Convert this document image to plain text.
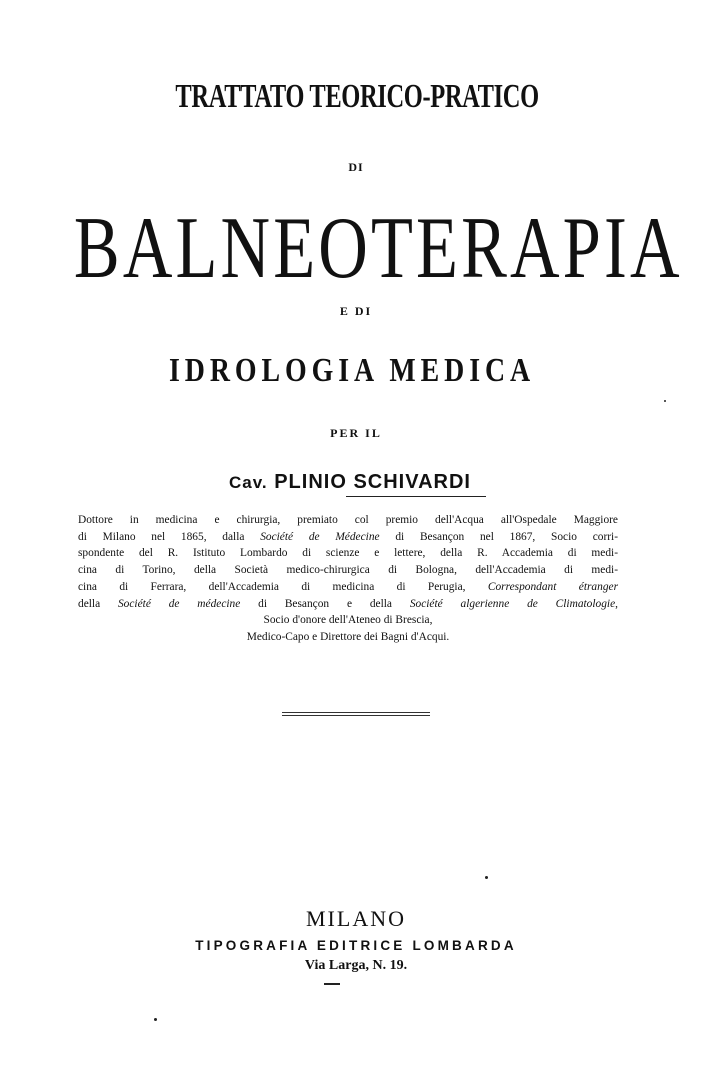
TRATTATO TEORICO-PRATICO
DI
BALNEOTERAPIA
E DI
IDROLOGIA MEDICA
PER IL
Cav. PLINIO SCHIVARDI
Dottore in medicina e chirurgia, premiato col premio dell'Acqua all'Ospedale Maggiore
di Milano nel 1865, dalla Société de Médecine di Besançon nel 1867, Socio corri-
spondente del R. Istituto Lombardo di scienze e lettere, della R. Accademia di medi-
cina di Torino, della Società medico-chirurgica di Bologna, dell'Accademia di medi-
cina di Ferrara, dell'Accademia di medicina di Perugia, Correspondant étranger
della Société de médecine di Besançon e della Société algerienne de Climatologie,
Socio d'onore dell'Ateneo di Brescia,
Medico-Capo e Direttore dei Bagni d'Acqui.
MILANO
TIPOGRAFIA EDITRICE LOMBARDA
Via Larga, N. 19.
